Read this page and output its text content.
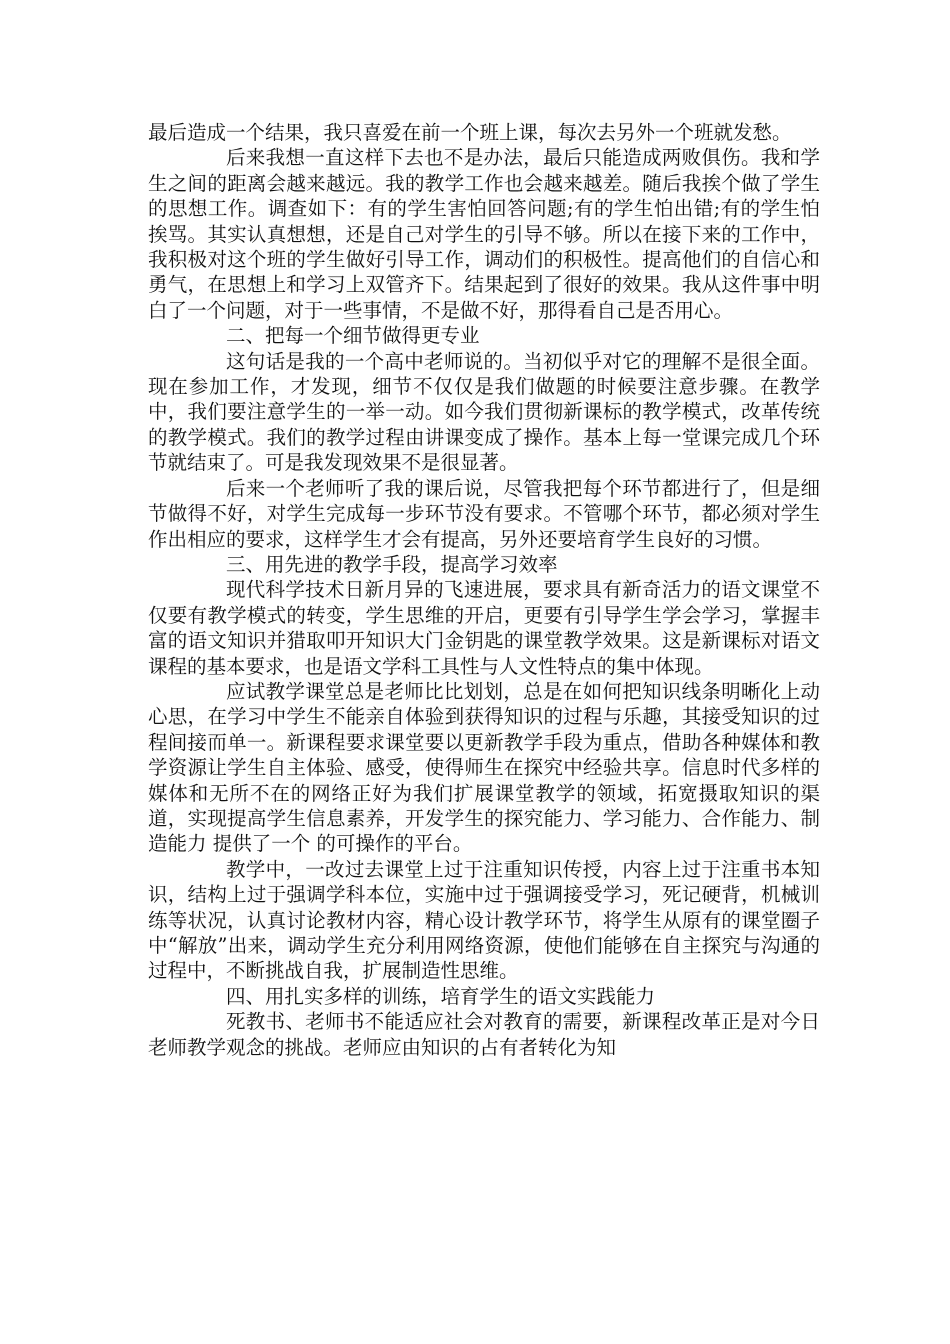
最后造成一个结果，我只喜爱在前一个班上课，每次去另外一个班就发愁。

后来我想一直这样下去也不是办法，最后只能造成两败俱伤。我和学生之间的距离会越来越远。我的教学工作也会越来越差。随后我挨个做了学生的思想工作。调查如下：有的学生害怕回答问题;有的学生怕出错;有的学生怕挨骂。其实认真想想，还是自己对学生的引导不够。所以在接下来的工作中，我积极对这个班的学生做好引导工作，调动们的积极性。提高他们的自信心和勇气，在思想上和学习上双管齐下。结果起到了很好的效果。我从这件事中明白了一个问题，对于一些事情，不是做不好，那得看自己是否用心。

二、把每一个细节做得更专业

这句话是我的一个高中老师说的。当初似乎对它的理解不是很全面。现在参加工作，才发现，细节不仅仅是我们做题的时候要注意步骤。在教学中，我们要注意学生的一举一动。如今我们贯彻新课标的教学模式，改革传统的教学模式。我们的教学过程由讲课变成了操作。基本上每一堂课完成几个环节就结束了。可是我发现效果不是很显著。

后来一个老师听了我的课后说，尽管我把每个环节都进行了，但是细节做得不好，对学生完成每一步环节没有要求。不管哪个环节，都必须对学生作出相应的要求，这样学生才会有提高，另外还要培育学生良好的习惯。

三、用先进的教学手段，提高学习效率

现代科学技术日新月异的飞速进展，要求具有新奇活力的语文课堂不仅要有教学模式的转变，学生思维的开启，更要有引导学生学会学习，掌握丰富的语文知识并猎取叩开知识大门金钥匙的课堂教学效果。这是新课标对语文课程的基本要求，也是语文学科工具性与人文性特点的集中体现。

应试教学课堂总是老师比比划划，总是在如何把知识线条明晰化上动心思，在学习中学生不能亲自体验到获得知识的过程与乐趣，其接受知识的过程间接而单一。新课程要求课堂要以更新教学手段为重点，借助各种媒体和教学资源让学生自主体验、感受，使得师生在探究中经验共享。信息时代多样的媒体和无所不在的网络正好为我们扩展课堂教学的领域，拓宽摄取知识的渠道，实现提高学生信息素养，开发学生的探究能力、学习能力、合作能力、制造能力 提供了一个 的可操作的平台。

教学中，一改过去课堂上过于注重知识传授，内容上过于注重书本知识，结构上过于强调学科本位，实施中过于强调接受学习，死记硬背，机械训练等状况，认真讨论教材内容，精心设计教学环节，将学生从原有的课堂圈子中“解放”出来，调动学生充分利用网络资源，使他们能够在自主探究与沟通的过程中，不断挑战自我，扩展制造性思维。

四、用扎实多样的训练，培育学生的语文实践能力

死教书、老师书不能适应社会对教育的需要，新课程改革正是对今日老师教学观念的挑战。老师应由知识的占有者转化为知
